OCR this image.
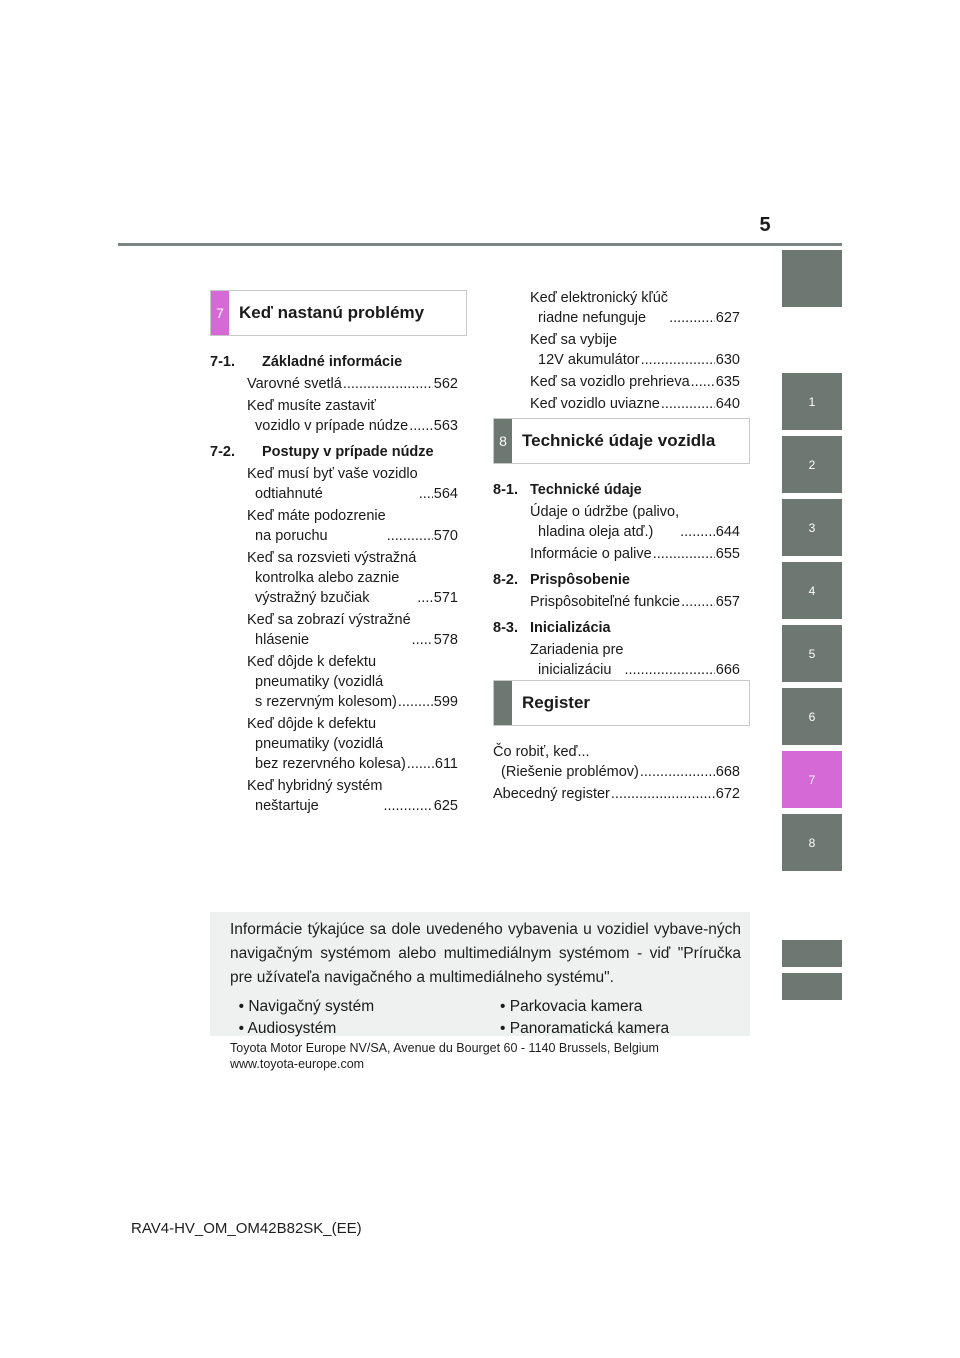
5
1
2
3
4
5
6
7
8
7 Keď nastanú problémy
7-1.	Základné informácie
Varovné svetlá .....	562
Keď musíte zastaviť
vozidlo v prípade núdze ..... 563
7-2.	Postupy v prípade núdze
Keď musí byť vaše vozidlo
odtiahnuté .....	564
Keď máte podozrenie
na poruchu .....	570
Keď sa rozsvieti výstražná
kontrolka alebo zaznie
výstražný bzučiak .....	571
Keď sa zobrazí výstražné
hlásenie .....	578
Keď dôjde k defektu
pneumatiky (vozidlá
s rezervným kolesom) .....	599
Keď dôjde k defektu
pneumatiky (vozidlá
bez rezervného kolesa) ..... 611
Keď hybridný systém
neštartuje .....	625
Keď elektronický kľúč
riadne nefunguje .....	627
Keď sa vybije
12V akumulátor .....	630
Keď sa vozidlo prehrieva ..... 635
Keď vozidlo uviazne .....	640
8 Technické údaje vozidla
8-1. Technické údaje
Údaje o údržbe (palivo,
hladina oleja atď.) .....	644
Informácie o palive .....	655
8-2. Prispôsobenie
Prispôsobiteľné funkcie ..... 657
8-3. Inicializácia
Zariadenia pre
inicializáciu .....	666
Register
Čo robiť, keď...
(Riešenie problémov) .....	668
Abecedný register .....	672
Informácie týkajúce sa dole uvedeného vybavenia u vozidiel vybave-ných navigačným systémom alebo multimediálnym systémom - viď "Príručka pre užívateľa navigačného a multimediálneho systému".
• Navigačný systém	• Parkovacia kamera
• Audiosystém	• Panoramatická kamera
Toyota Motor Europe NV/SA, Avenue du Bourget 60 - 1140 Brussels, Belgium
www.toyota-europe.com
RAV4-HV_OM_OM42B82SK_(EE)
